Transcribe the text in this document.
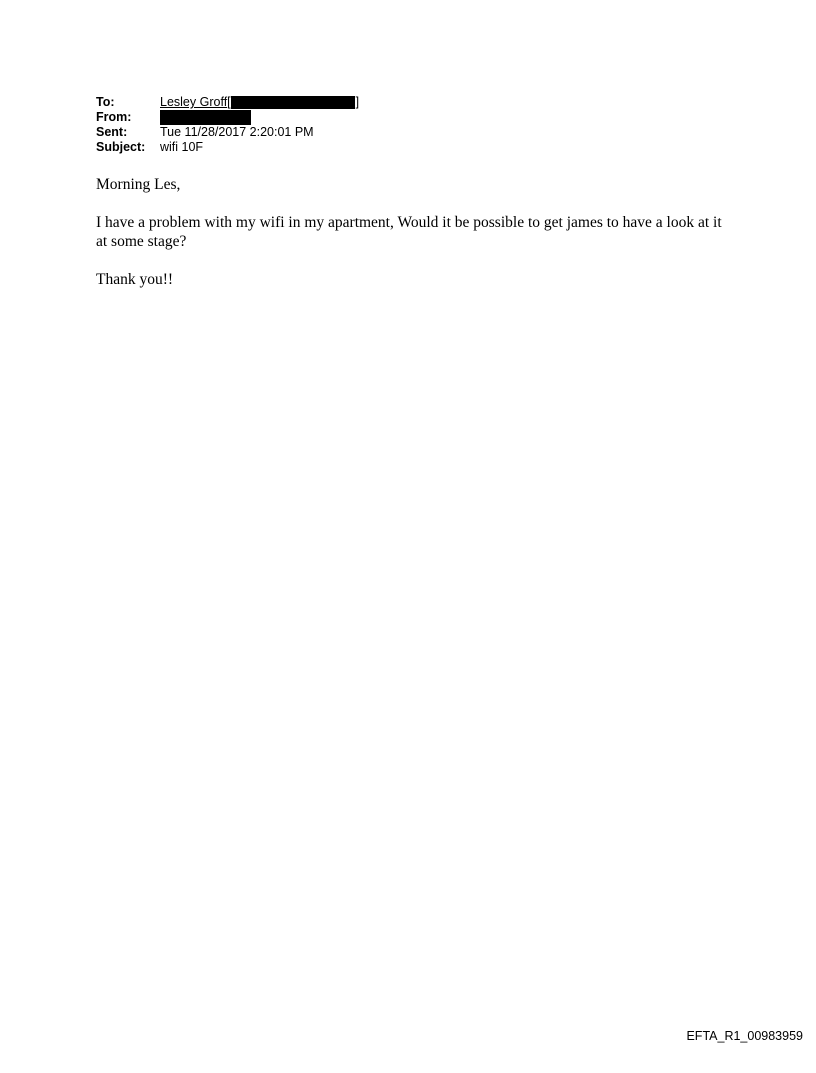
To:	Lesley Groff[	]
From:
Sent:	Tue 11/28/2017 2:20:01 PM
Subject: wifi 10F

Morning Les,

I have a problem with my wifi in my apartment, Would it be possible to get james to have a look at it at some stage?

Thank you!!

EFTA_R1_00983959
